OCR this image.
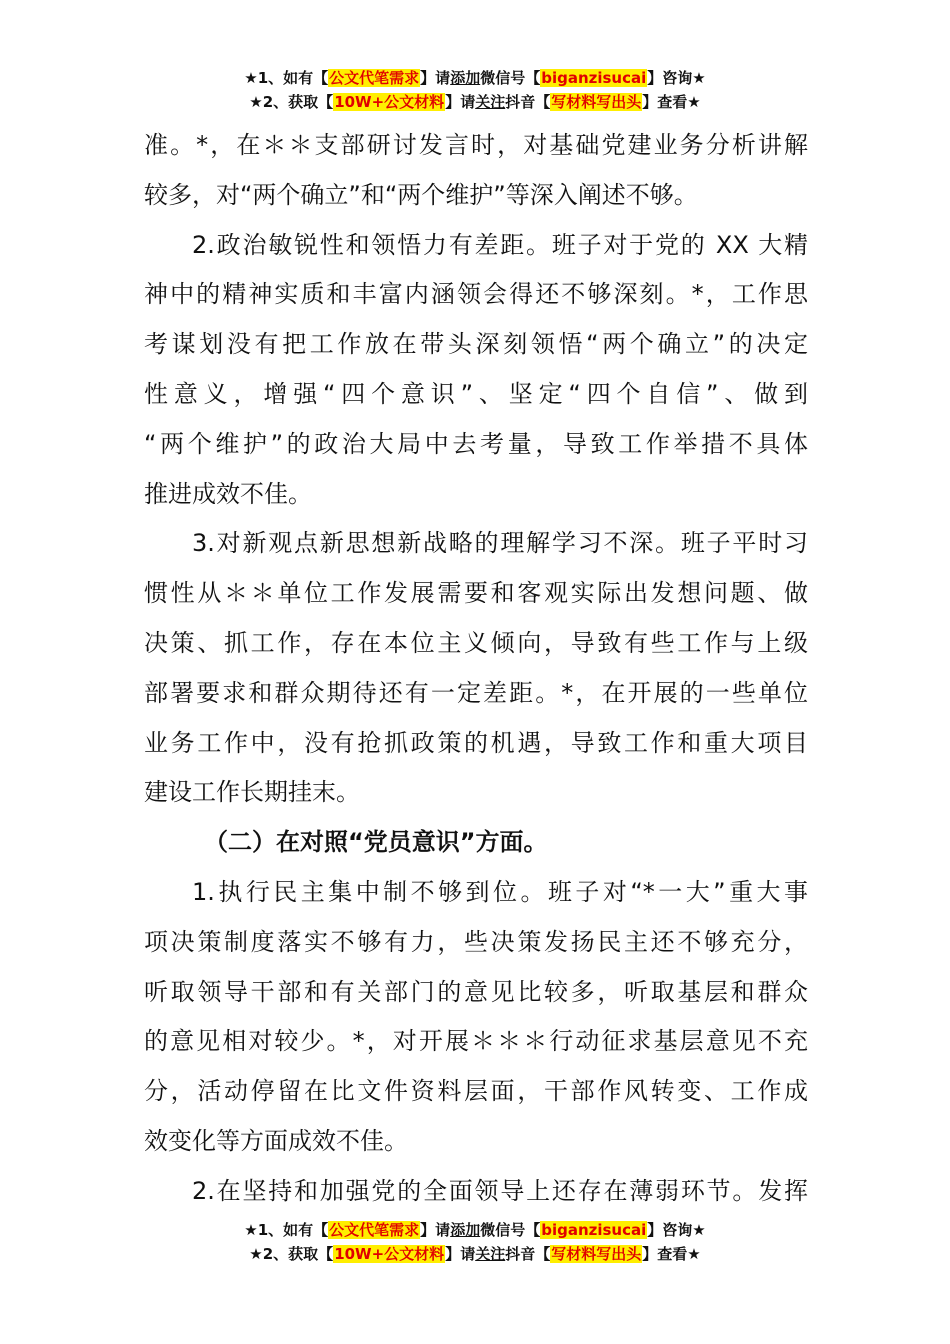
★1、如有【公文代笔需求】请添加微信号【biganzisucai】咨询★
★2、获取【10W+公文材料】请关注抖音【写材料写出头】查看★

准。*，在＊＊支部研讨发言时，对基础党建业务分析讲解

较多，对“两个确立”和“两个维护”等深入阐述不够。

2.政治敏锐性和领悟力有差距。班子对于党的 XX 大精

神中的精神实质和丰富内涵领会得还不够深刻。*，工作思

考谋划没有把工作放在带头深刻领悟“两个确立”的决定

性意义，增强“四个意识”、坚定“四个自信”、做到

“两个维护”的政治大局中去考量，导致工作举措不具体

推进成效不佳。

3.对新观点新思想新战略的理解学习不深。班子平时习

惯性从＊＊单位工作发展需要和客观实际出发想问题、做

决策、抓工作，存在本位主义倾向，导致有些工作与上级

部署要求和群众期待还有一定差距。*，在开展的一些单位

业务工作中，没有抢抓政策的机遇，导致工作和重大项目

建设工作长期挂末。

（二）在对照“党员意识”方面。

1.执行民主集中制不够到位。班子对“*一大”重大事

项决策制度落实不够有力，些决策发扬民主还不够充分，

听取领导干部和有关部门的意见比较多，听取基层和群众

的意见相对较少。*，对开展＊＊＊行动征求基层意见不充

分，活动停留在比文件资料层面，干部作风转变、工作成

效变化等方面成效不佳。

2.在坚持和加强党的全面领导上还存在薄弱环节。发挥

★1、如有【公文代笔需求】请添加微信号【biganzisucai】咨询★
★2、获取【10W+公文材料】请关注抖音【写材料写出头】查看★
